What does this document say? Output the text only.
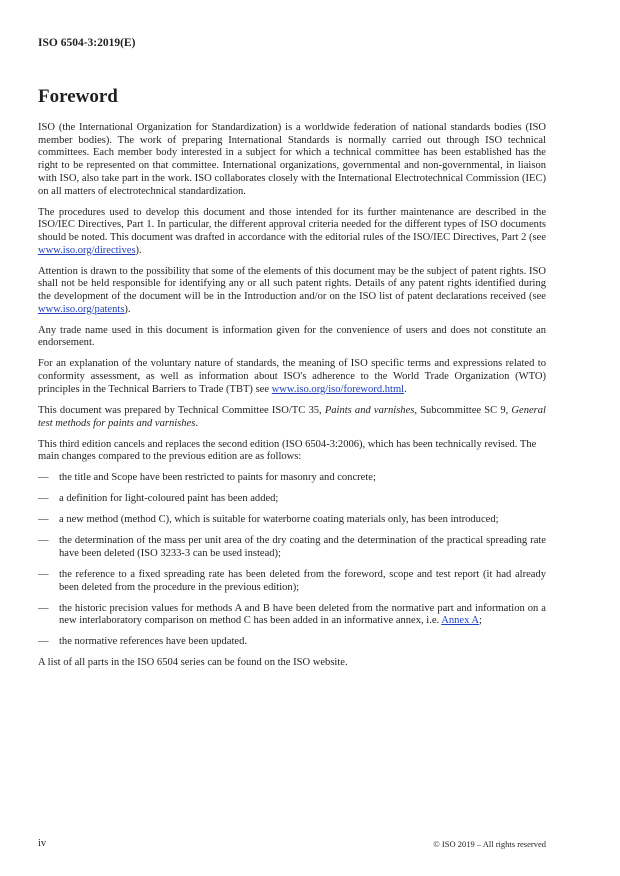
ISO 6504-3:2019(E)
Foreword

ISO (the International Organization for Standardization) is a worldwide federation of national standards bodies (ISO member bodies). The work of preparing International Standards is normally carried out through ISO technical committees. Each member body interested in a subject for which a technical committee has been established has the right to be represented on that committee. International organizations, governmental and non-governmental, in liaison with ISO, also take part in the work. ISO collaborates closely with the International Electrotechnical Commission (IEC) on all matters of electrotechnical standardization.

The procedures used to develop this document and those intended for its further maintenance are described in the ISO/IEC Directives, Part 1. In particular, the different approval criteria needed for the different types of ISO documents should be noted. This document was drafted in accordance with the editorial rules of the ISO/IEC Directives, Part 2 (see www.iso.org/directives).

Attention is drawn to the possibility that some of the elements of this document may be the subject of patent rights. ISO shall not be held responsible for identifying any or all such patent rights. Details of any patent rights identified during the development of the document will be in the Introduction and/or on the ISO list of patent declarations received (see www.iso.org/patents).

Any trade name used in this document is information given for the convenience of users and does not constitute an endorsement.

For an explanation of the voluntary nature of standards, the meaning of ISO specific terms and expressions related to conformity assessment, as well as information about ISO's adherence to the World Trade Organization (WTO) principles in the Technical Barriers to Trade (TBT) see www.iso.org/iso/foreword.html.

This document was prepared by Technical Committee ISO/TC 35, Paints and varnishes, Subcommittee SC 9, General test methods for paints and varnishes.

This third edition cancels and replaces the second edition (ISO 6504-3:2006), which has been technically revised. The main changes compared to the previous edition are as follows:

— the title and Scope have been restricted to paints for masonry and concrete;
— a definition for light-coloured paint has been added;
— a new method (method C), which is suitable for waterborne coating materials only, has been introduced;
— the determination of the mass per unit area of the dry coating and the determination of the practical spreading rate have been deleted (ISO 3233-3 can be used instead);
— the reference to a fixed spreading rate has been deleted from the foreword, scope and test report (it had already been deleted from the procedure in the previous edition);
— the historic precision values for methods A and B have been deleted from the normative part and information on a new interlaboratory comparison on method C has been added in an informative annex, i.e. Annex A;
— the normative references have been updated.

A list of all parts in the ISO 6504 series can be found on the ISO website.

iv	© ISO 2019 – All rights reserved
